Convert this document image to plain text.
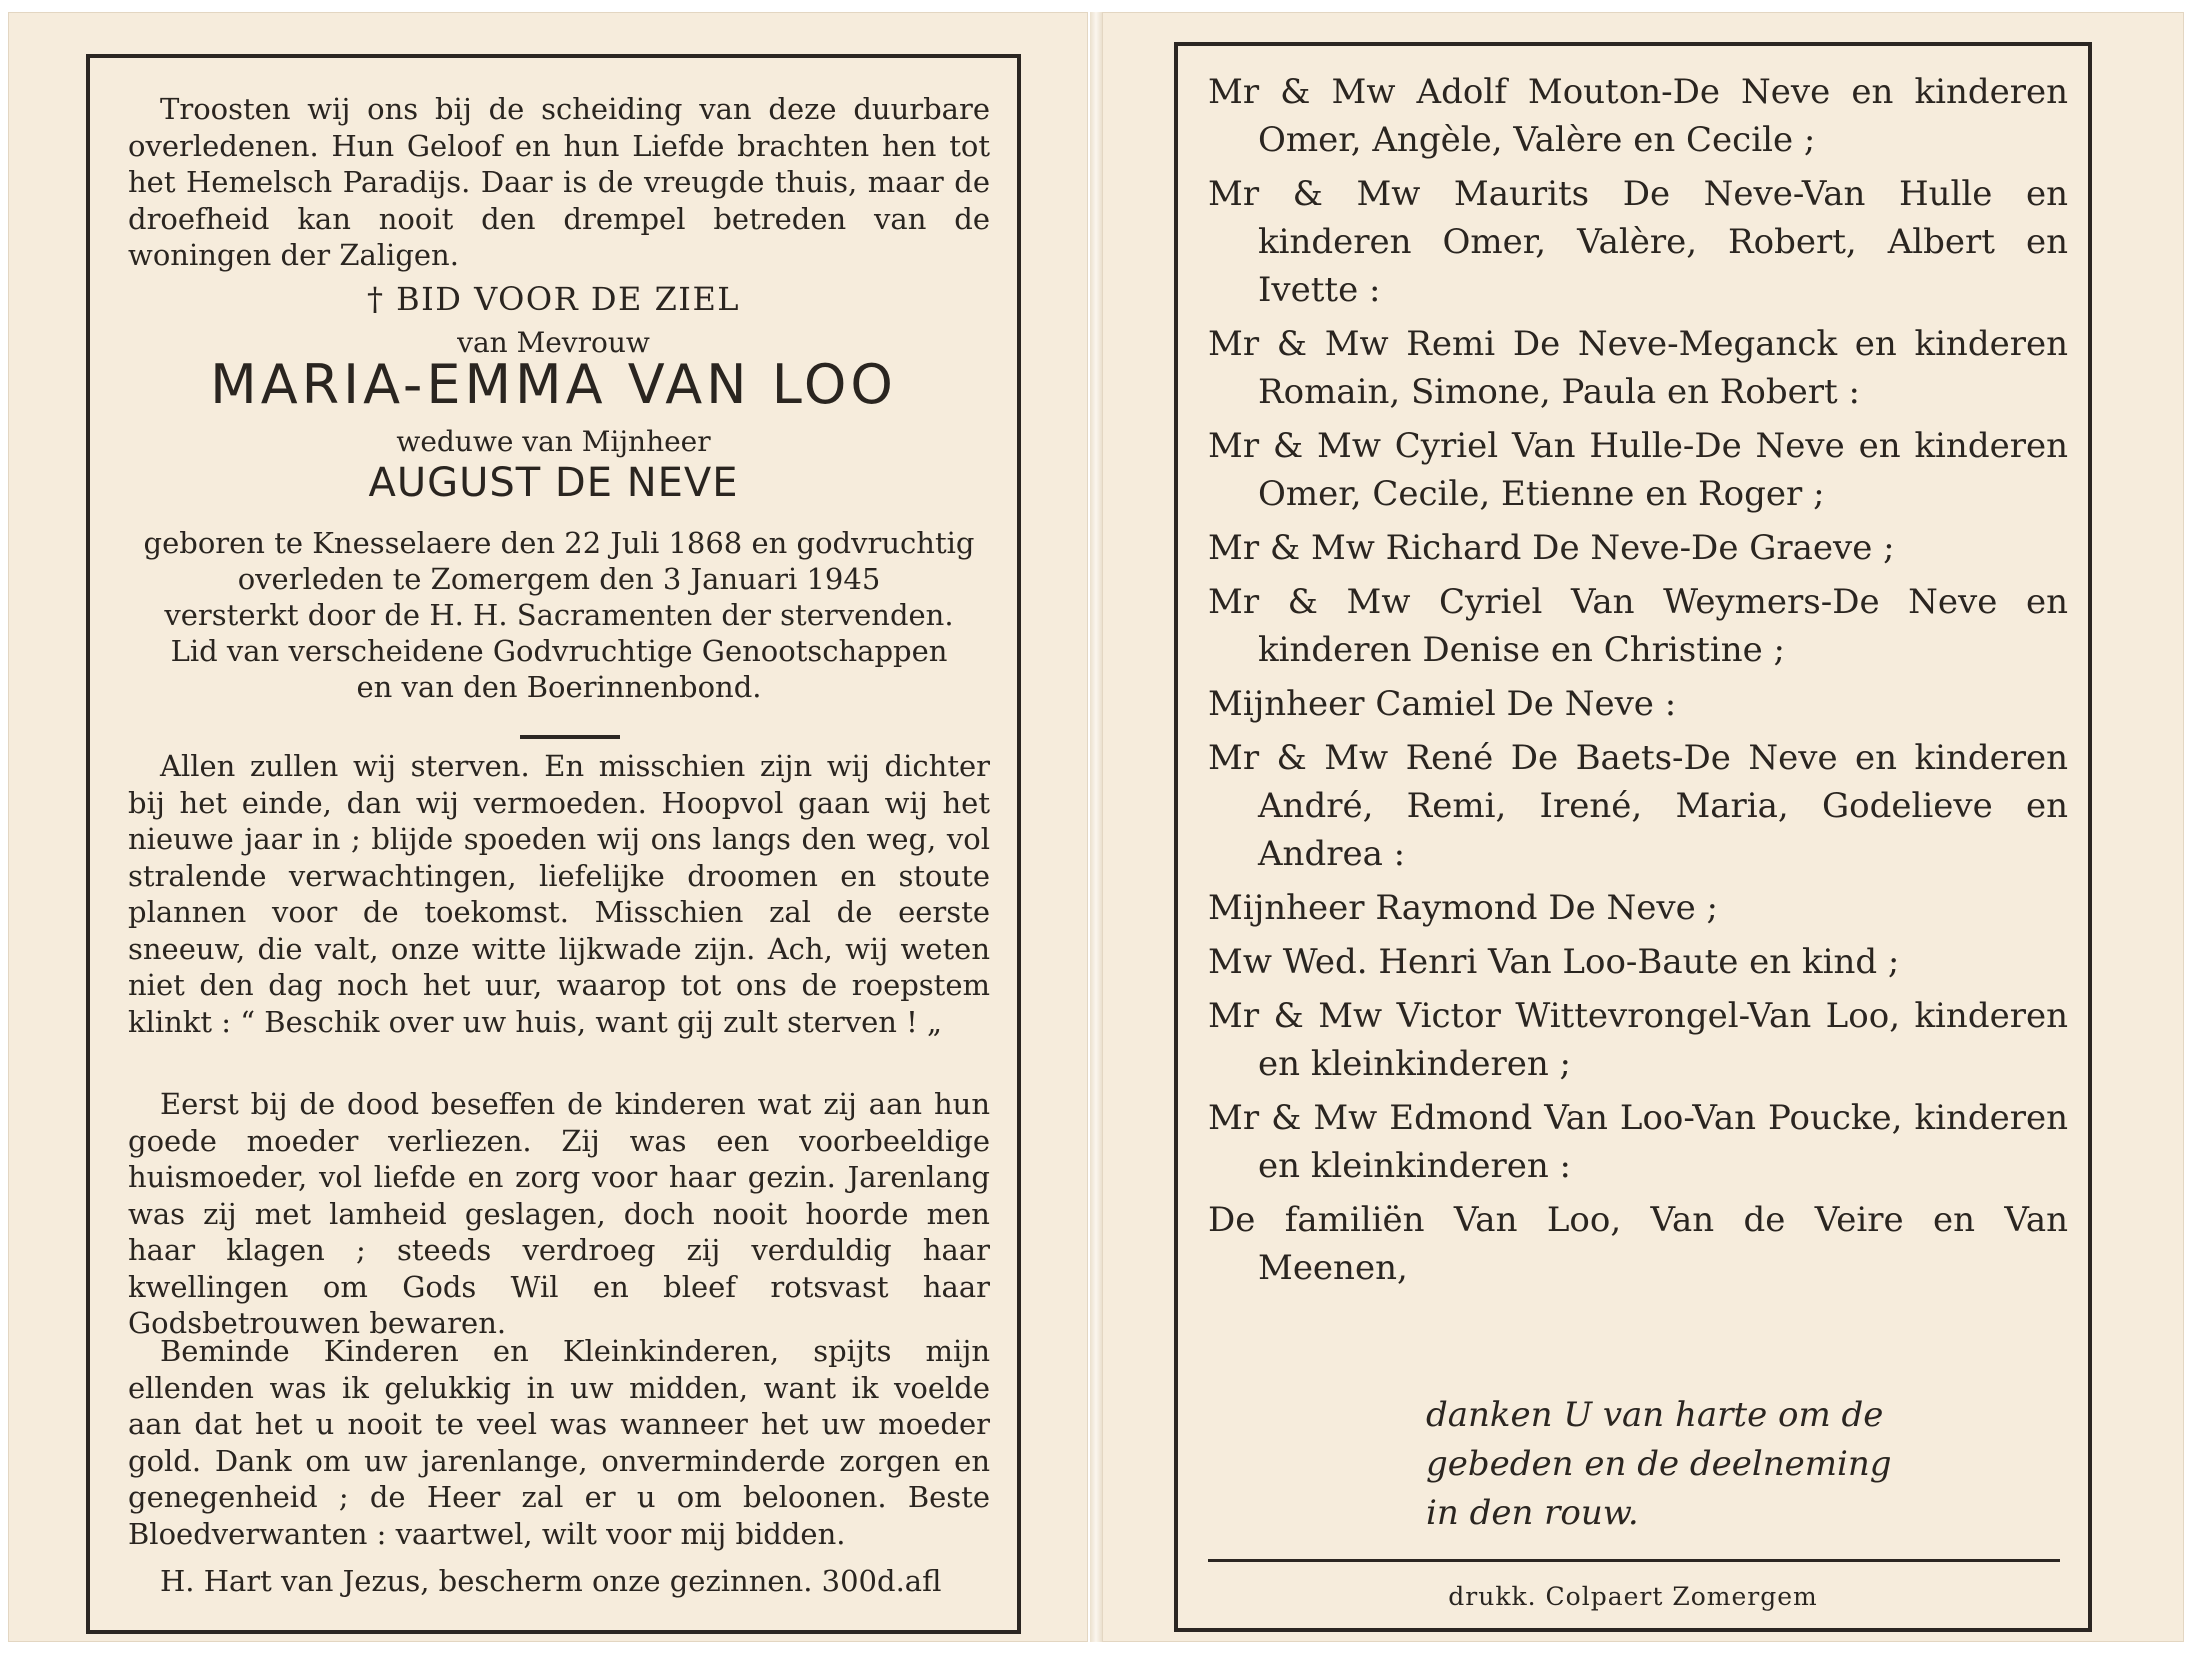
Troosten wij ons bij de scheiding van deze duurbare overledenen. Hun Geloof en hun Liefde brachten hen tot het Hemelsch Paradijs. Daar is de vreugde thuis, maar de droefheid kan nooit den drempel betreden van de woningen der Zaligen.

† BID VOOR DE ZIEL
van Mevrouw
MARIA-EMMA VAN LOO
weduwe van Mijnheer
AUGUST DE NEVE

geboren te Knesselaere den 22 Juli 1868 en godvruchtig

overleden te Zomergem den 3 Januari 1945

versterkt door de H. H. Sacramenten der stervenden.

Lid van verscheidene Godvruchtige Genootschappen

en van den Boerinnenbond.

Allen zullen wij sterven. En misschien zijn wij dichter bij het einde, dan wij vermoeden. Hoopvol gaan wij het nieuwe jaar in ; blijde spoeden wij ons langs den weg, vol stralende verwachtingen, liefelijke droomen en stoute plannen voor de toekomst. Misschien zal de eerste sneeuw, die valt, onze witte lijkwade zijn. Ach, wij weten niet den dag noch het uur, waarop tot ons de roepstem klinkt : “ Beschik over uw huis, want gij zult sterven ! „

Eerst bij de dood beseffen de kinderen wat zij aan hun goede moeder verliezen. Zij was een voorbeeldige huismoeder, vol liefde en zorg voor haar gezin. Jarenlang was zij met lamheid geslagen, doch nooit hoorde men haar klagen ; steeds verdroeg zij verduldig haar kwellingen om Gods Wil en bleef rotsvast haar Godsbetrouwen bewaren.

Beminde Kinderen en Kleinkinderen, spijts mijn ellenden was ik gelukkig in uw midden, want ik voelde aan dat het u nooit te veel was wanneer het uw moeder gold. Dank om uw jarenlange, onverminderde zorgen en genegenheid ; de Heer zal er u om beloonen. Beste Bloedverwanten : vaartwel, wilt voor mij bidden.

H. Hart van Jezus, bescherm onze gezinnen. 300d.afl

Mr & Mw Adolf Mouton-De Neve en kinderen Omer, Angèle, Valère en Cecile ;

Mr & Mw Maurits De Neve-Van Hulle en kinderen Omer, Valère, Robert, Albert en Ivette :

Mr & Mw Remi De Neve-Meganck en kinderen Romain, Simone, Paula en Robert :

Mr & Mw Cyriel Van Hulle-De Neve en kinderen Omer, Cecile, Etienne en Roger ;

Mr & Mw Richard De Neve-De Graeve ;

Mr & Mw Cyriel Van Weymers-De Neve en kinderen Denise en Christine ;

Mijnheer Camiel De Neve :

Mr & Mw René De Baets-De Neve en kinderen André, Remi, Irené, Maria, Godelieve en Andrea :

Mijnheer Raymond De Neve ;

Mw Wed. Henri Van Loo-Baute en kind ;

Mr & Mw Victor Wittevrongel-Van Loo, kinderen en kleinkinderen ;

Mr & Mw Edmond Van Loo-Van Poucke, kinderen en kleinkinderen :

De familiën Van Loo, Van de Veire en Van Meenen,

danken U van harte om de
gebeden en de deelneming
in den rouw.
drukk. Colpaert Zomergem
